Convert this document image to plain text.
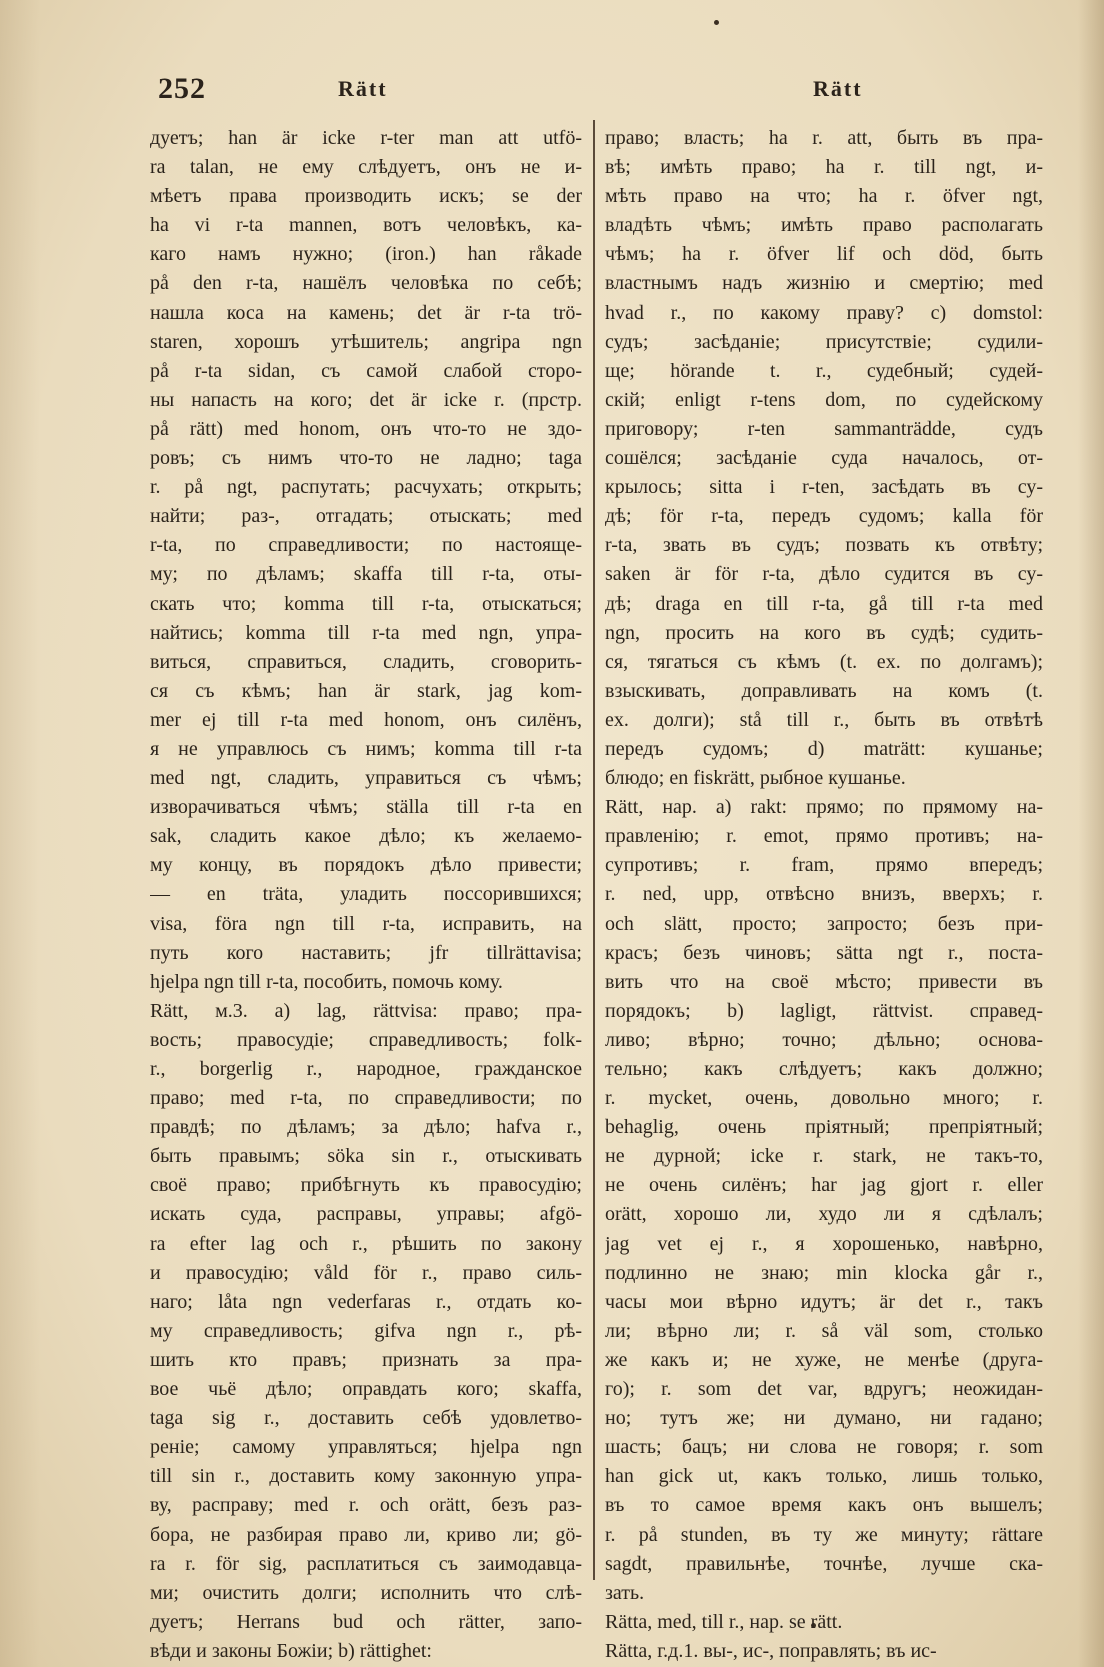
252	Rätt	Rätt
дуетъ; han är icke r-ter man att utfö-
ra talan, не ему слѣдуетъ, онъ не и-
мѣетъ права производить искъ; se der
ha vi r-ta mannen, вотъ человѣкъ, ка-
каго намъ нужно; (iron.) han råkade
på den r-ta, нашёлъ человѣка по себѣ;
нашла коса на камень; det är r-ta trö-
staren, хорошъ утѣшитель; angripa ngn
på r-ta sidan, съ самой слабой сторо-
ны напасть на кого; det är icke r. (прстр.
på rätt) med honom, онъ что-то не здо-
ровъ; съ нимъ что-то не ладно; taga
r. på ngt, распутать; расчухать; открыть;
найти; раз-, отгадать; отыскать; med
r-ta, по справедливости; по настояще-
му; по дѣламъ; skaffa till r-ta, оты-
скать что; komma till r-ta, отыскаться;
найтись; komma till r-ta med ngn, упра-
виться, справиться, сладить, сговорить-
ся съ кѣмъ; han är stark, jag kom-
mer ej till r-ta med honom, онъ силёнъ,
я не управлюсь съ нимъ; komma till r-ta
med ngt, сладить, управиться съ чѣмъ;
изворачиваться чѣмъ; ställa till r-ta en
sak, сладить какое дѣло; къ желаемо-
му концу, въ порядокъ дѣло привести;
— en träta, уладить поссорившихся;
visa, föra ngn till r-ta, исправить, на
путь кого наставить; jfr tillrättavisa;
hjelpa ngn till r-ta, пособить, помочь кому.
Rätt, м.3. a) lag, rättvisa: право; пра-
вость; правосудіе; справедливость; folk-
r., borgerlig r., народное, гражданское
право; med r-ta, по справедливости; по
правдѣ; по дѣламъ; за дѣло; hafva r.,
быть правымъ; söka sin r., отыскивать
своё право; прибѣгнуть къ правосудію;
искать суда, расправы, управы; afgö-
ra efter lag och r., рѣшить по закону
и правосудію; våld för r., право силь-
наго; låta ngn vederfaras r., отдать ко-
му справедливость; gifva ngn r., рѣ-
шить кто правъ; признать за пра-
вое чьё дѣло; оправдать кого; skaffa,
taga sig r., доставить себѣ удовлетво-
реніе; самому управляться; hjelpa ngn
till sin r., доставить кому законную упра-
ву, расправу; med r. och orätt, безъ раз-
бора, не разбирая право ли, криво ли; gö-
ra r. för sig, расплатиться съ заимодавца-
ми; очистить долги; исполнить что слѣ-
дуетъ; Herrans bud och rätter, запо-
вѣди и законы Божіи; b) rättighet:
право; власть; ha r. att, быть въ пра-
вѣ; имѣть право; ha r. till ngt, и-
мѣть право на что; ha r. öfver ngt,
владѣть чѣмъ; имѣть право располагать
чѣмъ; ha r. öfver lif och död, быть
властнымъ надъ жизнію и смертію; med
hvad r., по какому праву? c) domstol:
судъ; засѣданіе; присутствіе; судили-
ще; hörande t. r., судебный; судей-
скій; enligt r-tens dom, по судейскому
приговору; r-ten sammanträdde, судъ
сошёлся; засѣданіе суда началось, от-
крылось; sitta i r-ten, засѣдать въ су-
дѣ; för r-ta, передъ судомъ; kalla för
r-ta, звать въ судъ; позвать къ отвѣту;
saken är för r-ta, дѣло судится въ су-
дѣ; draga en till r-ta, gå till r-ta med
ngn, просить на кого въ судѣ; судить-
ся, тягаться съ кѣмъ (t. ex. по долгамъ);
взыскивать, доправливать на комъ (t.
ex. долги); stå till r., быть въ отвѣтѣ
передъ судомъ; d) maträtt: кушанье;
блюдо; en fiskrätt, рыбное кушанье.
Rätt, нар. a) rakt: прямо; по прямому на-
правленію; r. emot, прямо противъ; на-
супротивъ; r. fram, прямо впередъ;
r. ned, upp, отвѣсно внизъ, вверхъ; r.
och slätt, просто; запросто; безъ при-
красъ; безъ чиновъ; sätta ngt r., поста-
вить что на своё мѣсто; привести въ
порядокъ; b) lagligt, rättvist. справед-
ливо; вѣрно; точно; дѣльно; основа-
тельно; какъ слѣдуетъ; какъ должно;
r. mycket, очень, довольно много; r.
behaglig, очень пріятный; препріятный;
не дурной; icke r. stark, не такъ-то,
не очень силёнъ; har jag gjort r. eller
orätt, хорошо ли, худо ли я сдѣлалъ;
jag vet ej r., я хорошенько, навѣрно,
подлинно не знаю; min klocka går r.,
часы мои вѣрно идутъ; är det r., такъ
ли; вѣрно ли; r. så väl som, столько
же какъ и; не хуже, не менѣе (друга-
го); r. som det var, вдругъ; неожидан-
но; тутъ же; ни думано, ни гадано;
шасть; бацъ; ни слова не говоря; r. som
han gick ut, какъ только, лишь только,
въ то самое время какъ онъ вышелъ;
r. på stunden, въ ту же минуту; rättare
sagdt, правильнѣе, точнѣе, лучше ска-
зать.
Rätta, med, till r., нар. se rätt.
Rätta, г.д.1. вы-, ис-, поправлять; въ ис-
